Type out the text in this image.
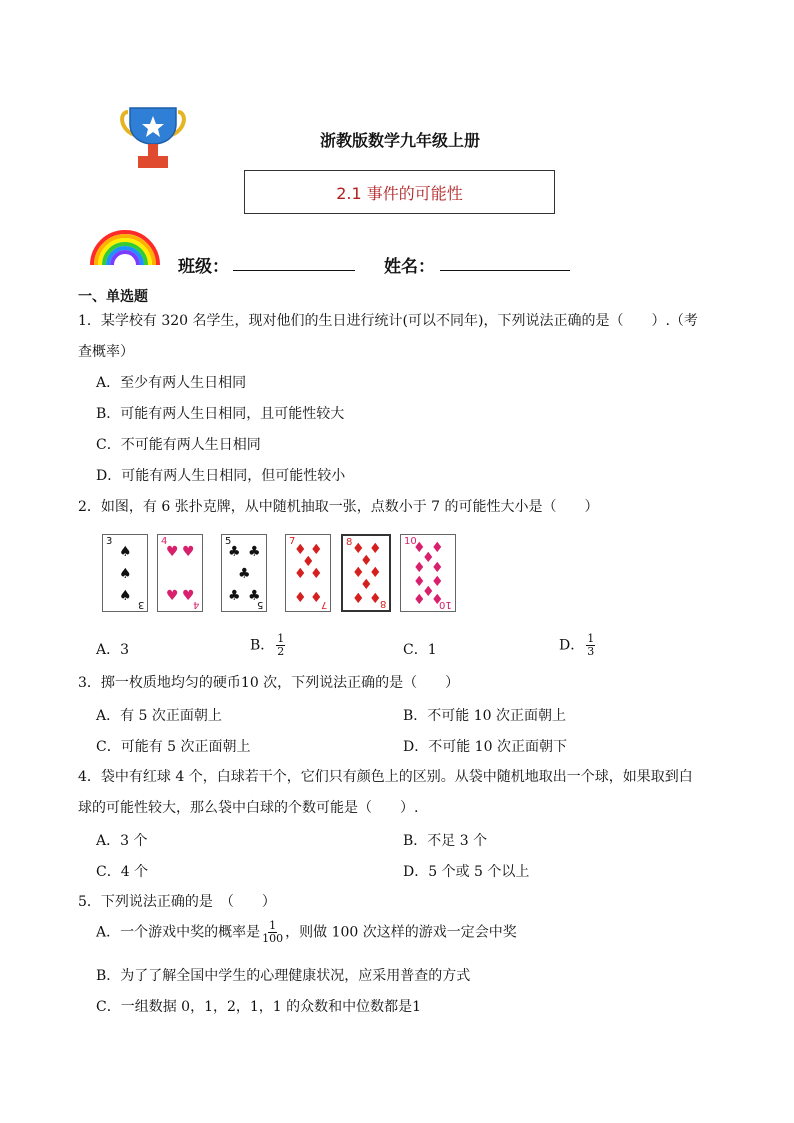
浙教版数学九年级上册
2.1 事件的可能性
班级：	姓名：
一、单选题
1．某学校有 320 名学生，现对他们的生日进行统计(可以不同年)，下列说法正确的是（　　）.（考
查概率）
A．至少有两人生日相同
B．可能有两人生日相同，且可能性较大
C．不可能有两人生日相同
D．可能有两人生日相同，但可能性较小
2．如图，有 6 张扑克牌，从中随机抽取一张，点数小于 7 的可能性大小是（　　）
3
♠
♠
♠
3
4
♥ ♥
♥ ♥
4
5
♣ ♣
♣
♣ ♣
5
7
♦ ♦
♦
♦ ♦
♦ ♦
7
8 ♦ ♦
♦
♦ ♦
♦
♦ ♦
8
10
♦ ♦
♦
♦ ♦
♦ ♦
♦
♦ ♦
10
A．3	B． $\frac{1}{2}$	C．1	D． $\frac{1}{3}$
3．掷一枚质地均匀的硬币10 次，下列说法正确的是（　　）
A．有 5 次正面朝上	B．不可能 10 次正面朝上
C．可能有 5 次正面朝上	D．不可能 10 次正面朝下
4．袋中有红球 4 个，白球若干个，它们只有颜色上的区别。从袋中随机地取出一个球，如果取到白
球的可能性较大，那么袋中白球的个数可能是（　　）.
A．3 个	B．不足 3 个
C．4 个	D．5 个或 5 个以上
5．下列说法正确的是　（　　）
A．一个游戏中奖的概率是 $\frac{1}{100}$ ，则做 100 次这样的游戏一定会中奖
B．为了了解全国中学生的心理健康状况，应采用普查的方式
C．一组数据 0，1，2，1，1 的众数和中位数都是1
